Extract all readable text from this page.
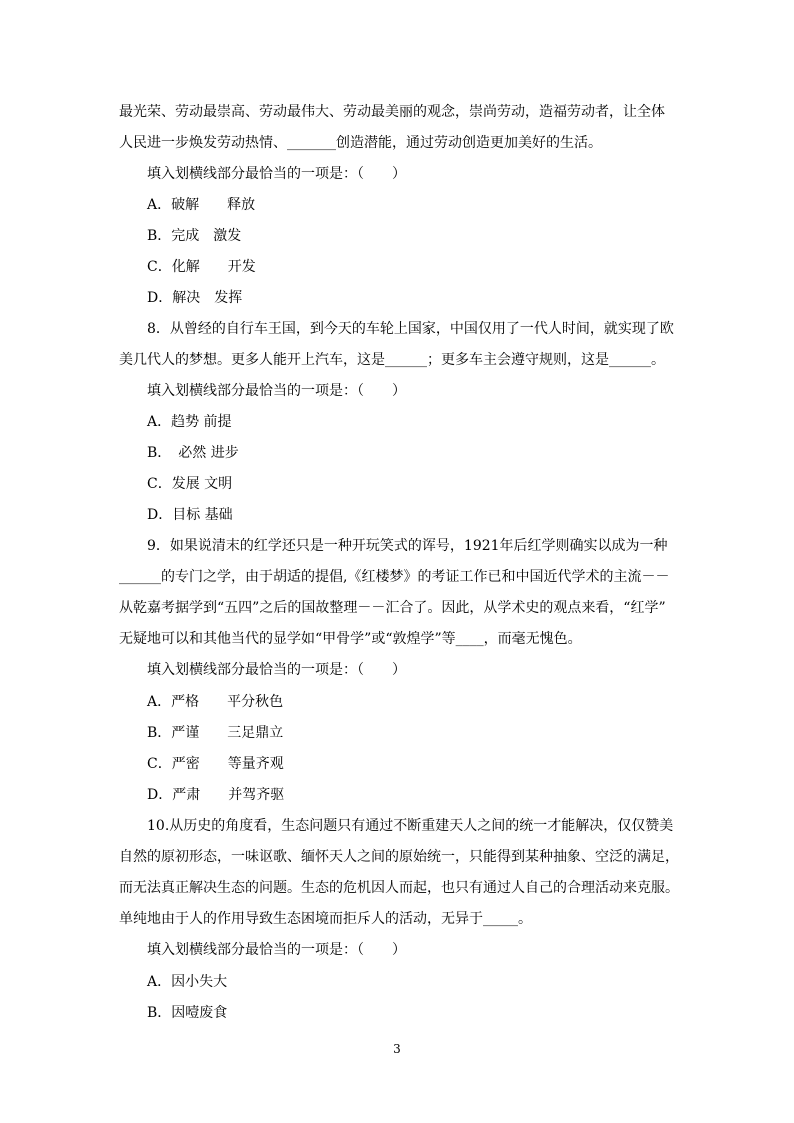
最光荣、劳动最崇高、劳动最伟大、劳动最美丽的观念，崇尚劳动，造福劳动者，让全体
人民进一步焕发劳动热情、_______创造潜能，通过劳动创造更加美好的生活。
填入划横线部分最恰当的一项是：（　　）
A．破解　　释放
B．完成　激发
C．化解　　开发
D．解决　发挥
8．从曾经的自行车王国，到今天的车轮上国家，中国仅用了一代人时间，就实现了欧
美几代人的梦想。更多人能开上汽车，这是______；更多车主会遵守规则，这是______。
填入划横线部分最恰当的一项是：（　　）
A．趋势 前提
B．　必然 进步
C．发展 文明
D．目标 基础
9．如果说清末的红学还只是一种开玩笑式的诨号，1921年后红学则确实以成为一种
______的专门之学，由于胡适的提倡,《红楼梦》的考证工作已和中国近代学术的主流－－
从乾嘉考据学到“五四”之后的国故整理－－汇合了。因此，从学术史的观点来看，“红学”
无疑地可以和其他当代的显学如“甲骨学”或“敦煌学”等____，而毫无愧色。
填入划横线部分最恰当的一项是：（　　）
A．严格　　平分秋色
B．严谨　　三足鼎立
C．严密　　等量齐观
D．严肃　　并驾齐驱
10.从历史的角度看，生态问题只有通过不断重建天人之间的统一才能解决，仅仅赞美
自然的原初形态，一味讴歌、缅怀天人之间的原始统一，只能得到某种抽象、空泛的满足，
而无法真正解决生态的问题。生态的危机因人而起，也只有通过人自己的合理活动来克服。
单纯地由于人的作用导致生态困境而拒斥人的活动，无异于_____。
填入划横线部分最恰当的一项是：（　　）
A．因小失大
B．因噎废食
3
